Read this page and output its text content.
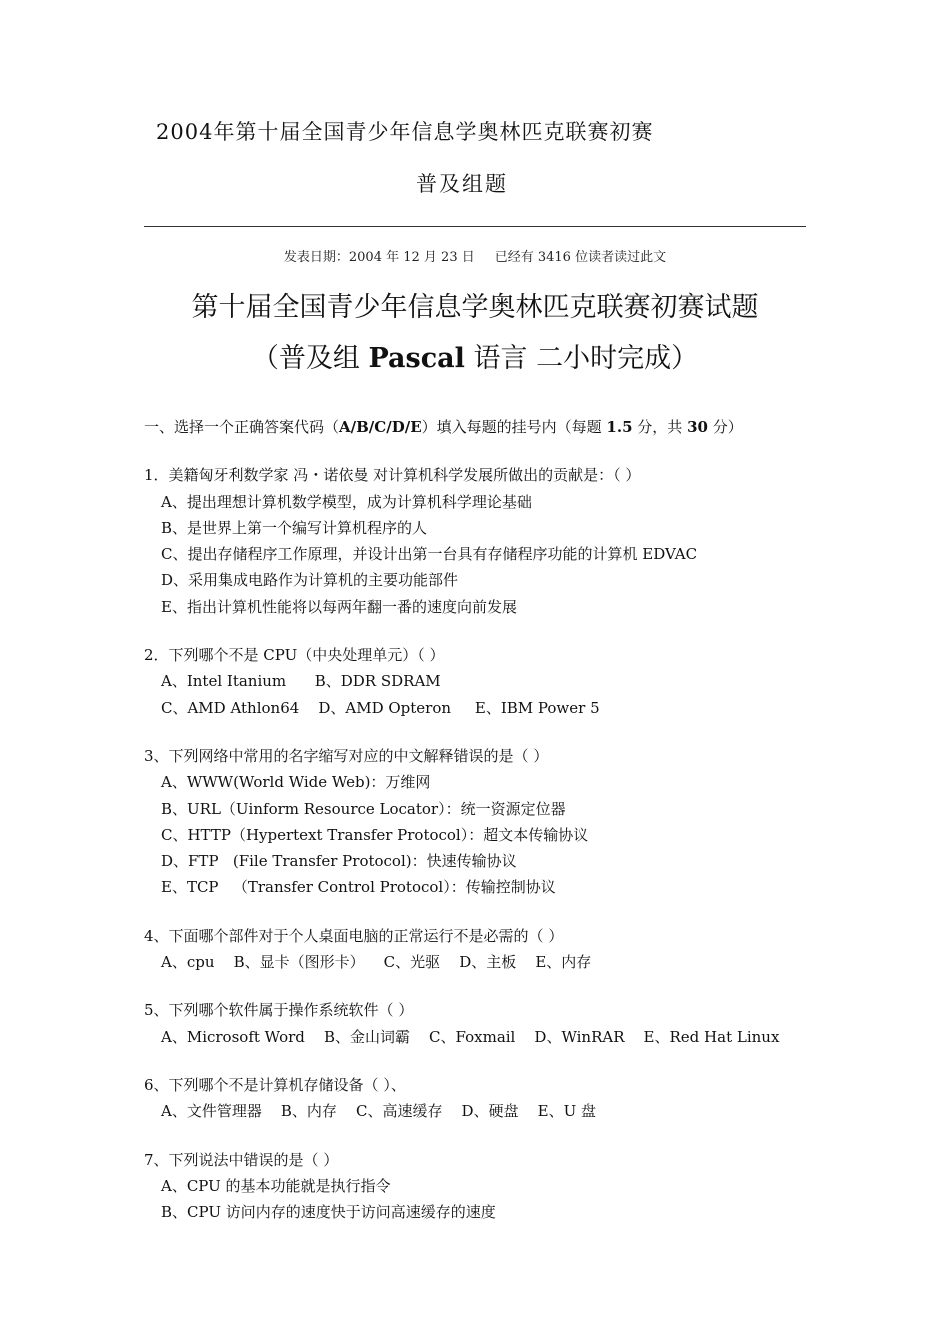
2004年第十届全国青少年信息学奥林匹克联赛初赛
普及组题
发表日期：2004 年 12 月 23 日 已经有 3416 位读者读过此文
第十届全国青少年信息学奥林匹克联赛初赛试题
（普及组 Pascal 语言 二小时完成）
一、选择一个正确答案代码（A/B/C/D/E）填入每题的挂号内（每题 1.5 分，共 30 分）
1．美籍匈牙利数学家 冯・诺依曼 对计算机科学发展所做出的贡献是：（ ）
A、提出理想计算机数学模型，成为计算机科学理论基础
B、是世界上第一个编写计算机程序的人
C、提出存储程序工作原理，并设计出第一台具有存储程序功能的计算机 EDVAC
D、采用集成电路作为计算机的主要功能部件
E、指出计算机性能将以每两年翻一番的速度向前发展
2．下列哪个不是 CPU（中央处理单元）（ ）
A、Intel Itanium      B、DDR SDRAM
C、AMD Athlon64    D、AMD Opteron     E、IBM Power 5
3、下列网络中常用的名字缩写对应的中文解释错误的是（ ）
A、WWW(World Wide Web)：万维网
B、URL（Uinform Resource Locator）：统一资源定位器
C、HTTP（Hypertext Transfer Protocol）：超文本传输协议
D、FTP   (File Transfer Protocol)：快速传输协议
E、TCP   （Transfer Control Protocol）：传输控制协议
4、下面哪个部件对于个人桌面电脑的正常运行不是必需的（ ）
A、cpu    B、显卡（图形卡）    C、光驱    D、主板    E、内存
5、下列哪个软件属于操作系统软件（ ）
A、Microsoft Word    B、金山词霸    C、Foxmail    D、WinRAR    E、Red Hat Linux
6、下列哪个不是计算机存储设备（ ）、
A、文件管理器    B、内存    C、高速缓存    D、硬盘    E、U 盘
7、下列说法中错误的是（ ）
A、CPU 的基本功能就是执行指令
B、CPU 访问内存的速度快于访问高速缓存的速度
